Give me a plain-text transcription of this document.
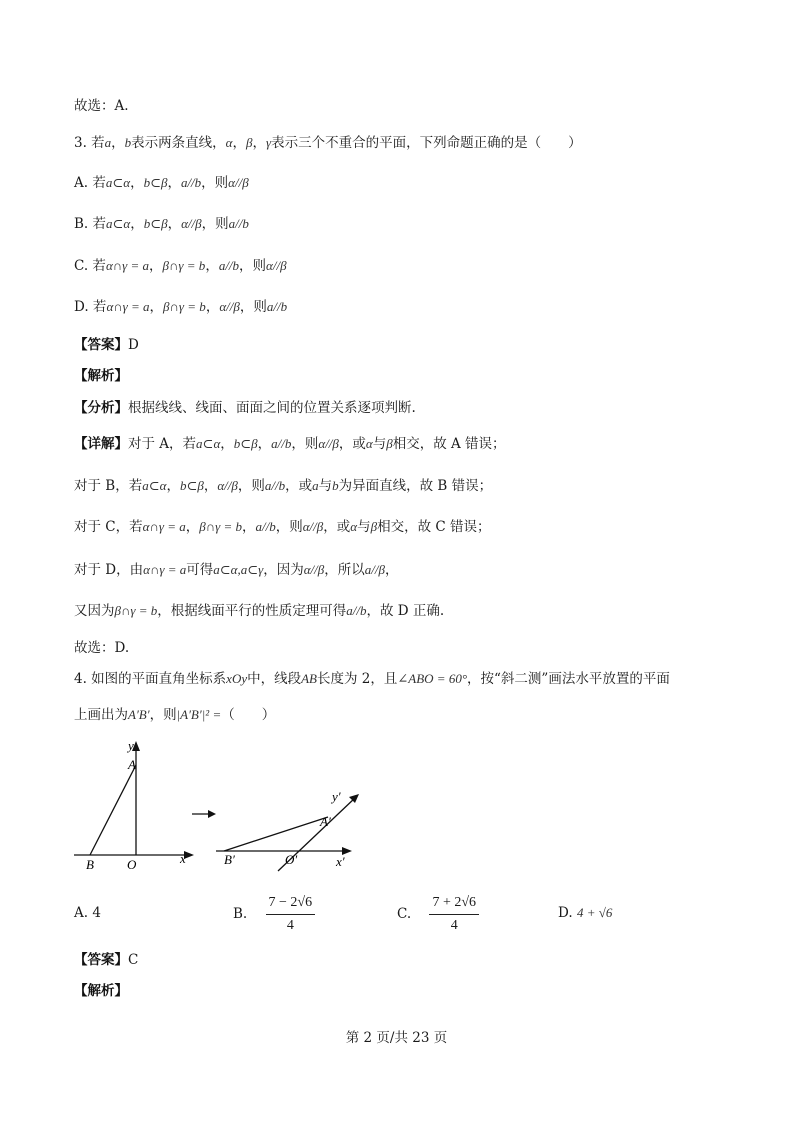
故选：A.
3. 若a，b表示两条直线，α，β，γ表示三个不重合的平面，下列命题正确的是（　　）
A. 若a⊂α，b⊂β，a//b，则α//β
B. 若a⊂α，b⊂β，α//β，则a//b
C. 若α∩γ = a，β∩γ = b，a//b，则α//β
D. 若α∩γ = a，β∩γ = b，α//β，则a//b
【答案】D
【解析】
【分析】根据线线、线面、面面之间的位置关系逐项判断.
【详解】对于 A，若a⊂α，b⊂β，a//b，则α//β，或α与β相交，故 A 错误；
对于 B，若a⊂α，b⊂β，α//β，则a//b，或a与b为异面直线，故 B 错误；
对于 C，若α∩γ = a，β∩γ = b，a//b，则α//β，或α与β相交，故 C 错误；
对于 D，由α∩γ = a可得a⊂α,a⊂γ，因为α//β，所以a//β，
又因为β∩γ = b，根据线面平行的性质定理可得a//b，故 D 正确.
故选：D.
4. 如图的平面直角坐标系xOy中，线段AB长度为 2，且∠ABO = 60°，按“斜二测”画法水平放置的平面
上画出为A′B′，则|A′B′|² =（　　）
y
A
B	O	x
y′
A′
B′	O′	x′
A. 4	B. $\frac{7 - 2√6}{4}$	C. $\frac{7 + 2√6}{4}$	D. 4 + √6
【答案】C
【解析】
第 2 页/共 23 页
